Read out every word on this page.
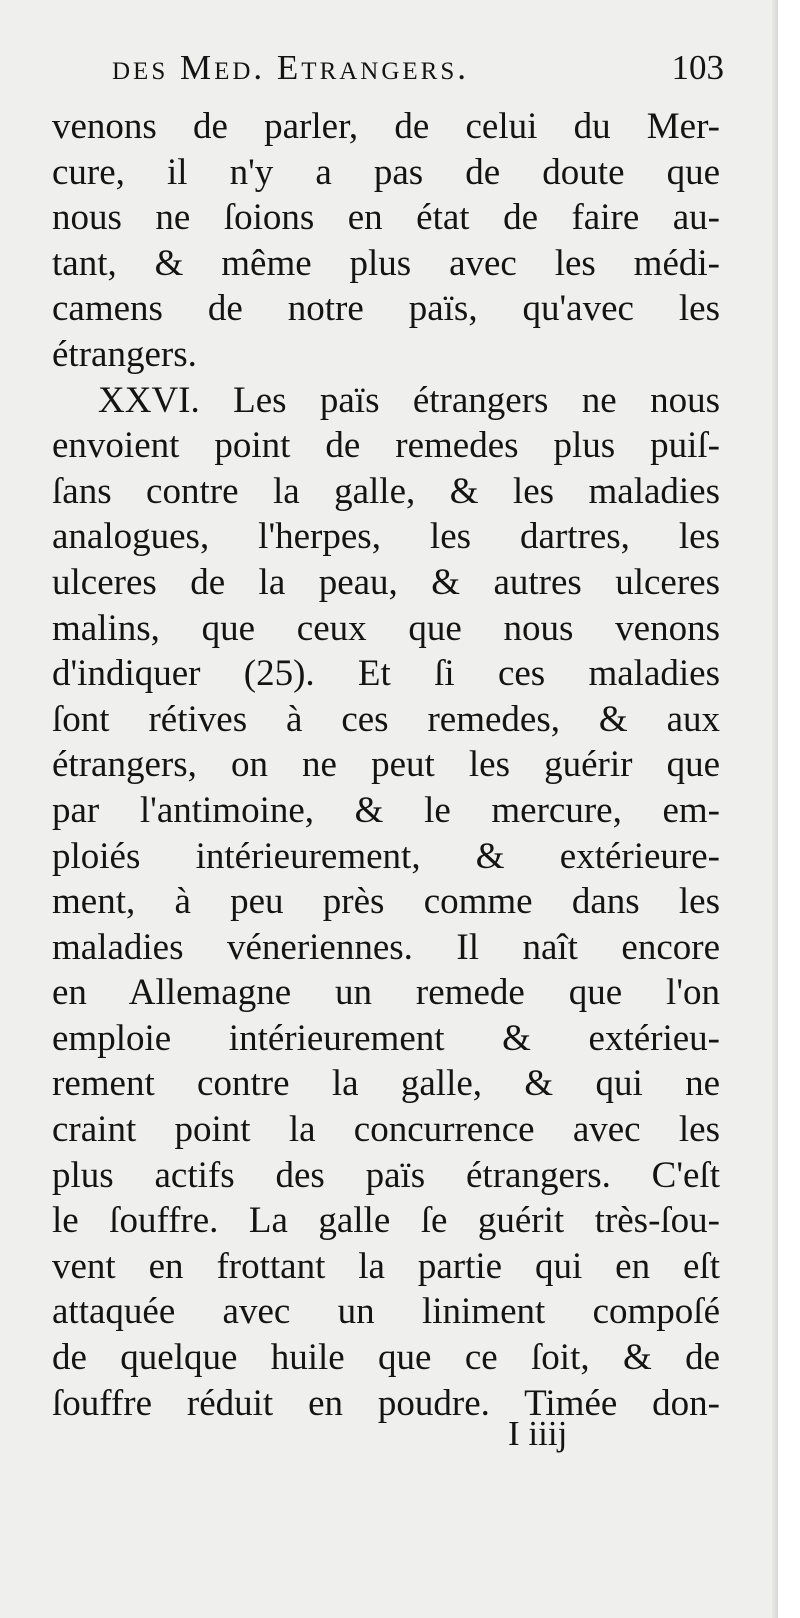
des Med. Etrangers.	103
venons de parler, de celui du Mer-
cure, il n'y a pas de doute que
nous ne ſoions en état de faire au-
tant, & même plus avec les médi-
camens de notre païs, qu'avec les
étrangers.
XXVI. Les païs étrangers ne nous
envoient point de remedes plus puiſ-
ſans contre la galle, & les maladies
analogues, l'herpes, les dartres, les
ulceres de la peau, & autres ulceres
malins, que ceux que nous venons
d'indiquer (25). Et ſi ces maladies
ſont rétives à ces remedes, & aux
étrangers, on ne peut les guérir que
par l'antimoine, & le mercure, em-
ploiés intérieurement, & extérieure-
ment, à peu près comme dans les
maladies véneriennes. Il naît encore
en Allemagne un remede que l'on
emploie intérieurement & extérieu-
rement contre la galle, & qui ne
craint point la concurrence avec les
plus actifs des païs étrangers. C'eſt
le ſouffre. La galle ſe guérit très-ſou-
vent en frottant la partie qui en eſt
attaquée avec un liniment compoſé
de quelque huile que ce ſoit, & de
ſouffre réduit en poudre. Timée don-
I iiij
